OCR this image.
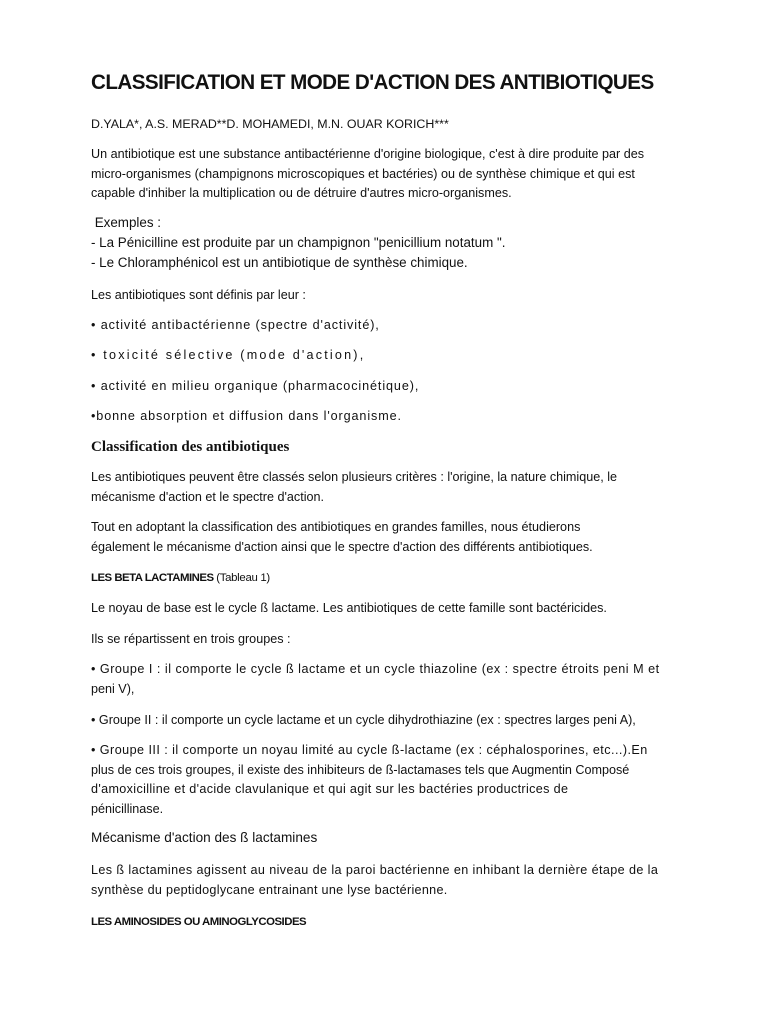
CLASSIFICATION ET MODE D'ACTION DES ANTIBIOTIQUES
D.YALA*, A.S. MERAD**D. MOHAMEDI, M.N. OUAR KORICH***
Un antibiotique est une substance antibactérienne d'origine biologique, c'est à dire produite par des
micro-organismes (champignons microscopiques et bactéries) ou de synthèse chimique et qui est
capable d'inhiber la multiplication ou de détruire d'autres micro-organismes.
Exemples :
- La Pénicilline est produite par un champignon "penicillium notatum ".
- Le Chloramphénicol est un antibiotique de synthèse chimique.
Les antibiotiques sont définis par leur :
• activité antibactérienne (spectre d'activité),
• toxicité sélective (mode d'action),
• activité en milieu organique (pharmacocinétique),
•bonne absorption et diffusion dans l'organisme.
Classification des antibiotiques
Les antibiotiques peuvent être classés selon plusieurs critères : l'origine, la nature chimique, le
mécanisme d'action et le spectre d'action.
Tout en adoptant la classification des antibiotiques en grandes familles, nous étudierons
également le mécanisme d'action ainsi que le spectre d'action des différents antibiotiques.
LES BETA LACTAMINES (Tableau 1)
Le noyau de base est le cycle ß lactame. Les antibiotiques de cette famille sont bactéricides.
Ils se répartissent en trois groupes :
• Groupe I : il comporte le cycle ß lactame et un cycle thiazoline (ex : spectre étroits peni M et
peni V),
• Groupe II : il comporte un cycle lactame et un cycle dihydrothiazine (ex : spectres larges peni A),
• Groupe III : il comporte un noyau limité au cycle ß-lactame (ex : céphalosporines, etc...).En
plus de ces trois groupes, il existe des inhibiteurs de ß-lactamases tels que Augmentin Composé
d'amoxicilline et d'acide clavulanique et qui agit sur les bactéries productrices de
pénicillinase.
Mécanisme d'action des ß lactamines
Les ß lactamines agissent au niveau de la paroi bactérienne en inhibant la dernière étape de la
synthèse du peptidoglycane entrainant une lyse bactérienne.
LES AMINOSIDES OU AMINOGLYCOSIDES
